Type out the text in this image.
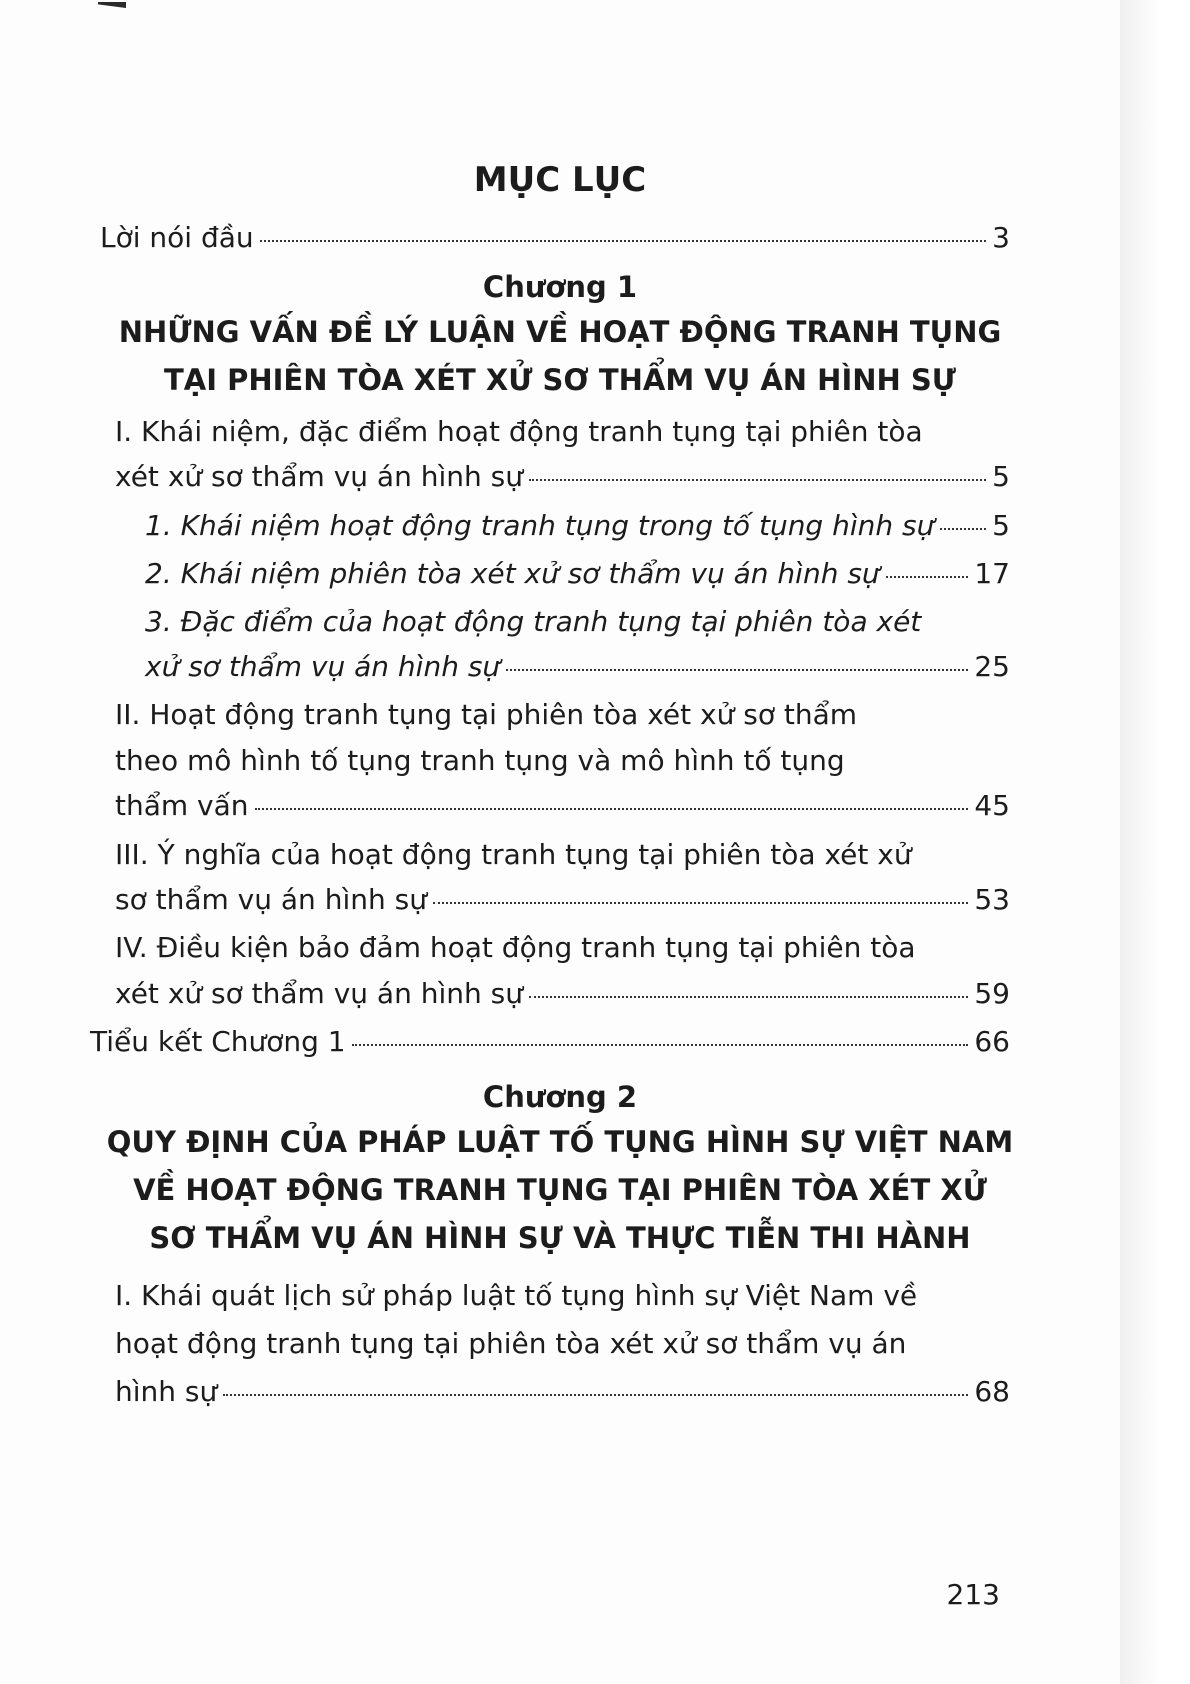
MỤC LỤC
Lời nói đầu	3
Chương 1
NHỮNG VẤN ĐỀ LÝ LUẬN VỀ HOẠT ĐỘNG TRANH TỤNG
TẠI PHIÊN TÒA XÉT XỬ SƠ THẨM VỤ ÁN HÌNH SỰ
I. Khái niệm, đặc điểm hoạt động tranh tụng tại phiên tòa
xét xử sơ thẩm vụ án hình sự	5
1. Khái niệm hoạt động tranh tụng trong tố tụng hình sự 5
2. Khái niệm phiên tòa xét xử sơ thẩm vụ án hình sự	17
3. Đặc điểm của hoạt động tranh tụng tại phiên tòa xét
xử sơ thẩm vụ án hình sự	25
II. Hoạt động tranh tụng tại phiên tòa xét xử sơ thẩm
theo mô hình tố tụng tranh tụng và mô hình tố tụng
thẩm vấn	45
III. Ý nghĩa của hoạt động tranh tụng tại phiên tòa xét xử
sơ thẩm vụ án hình sự	53
IV. Điều kiện bảo đảm hoạt động tranh tụng tại phiên tòa
xét xử sơ thẩm vụ án hình sự	59
Tiểu kết Chương 1	66
Chương 2
QUY ĐỊNH CỦA PHÁP LUẬT TỐ TỤNG HÌNH SỰ VIỆT NAM
VỀ HOẠT ĐỘNG TRANH TỤNG TẠI PHIÊN TÒA XÉT XỬ
SƠ THẨM VỤ ÁN HÌNH SỰ VÀ THỰC TIỄN THI HÀNH
I. Khái quát lịch sử pháp luật tố tụng hình sự Việt Nam về
hoạt động tranh tụng tại phiên tòa xét xử sơ thẩm vụ án
hình sự	68
213
